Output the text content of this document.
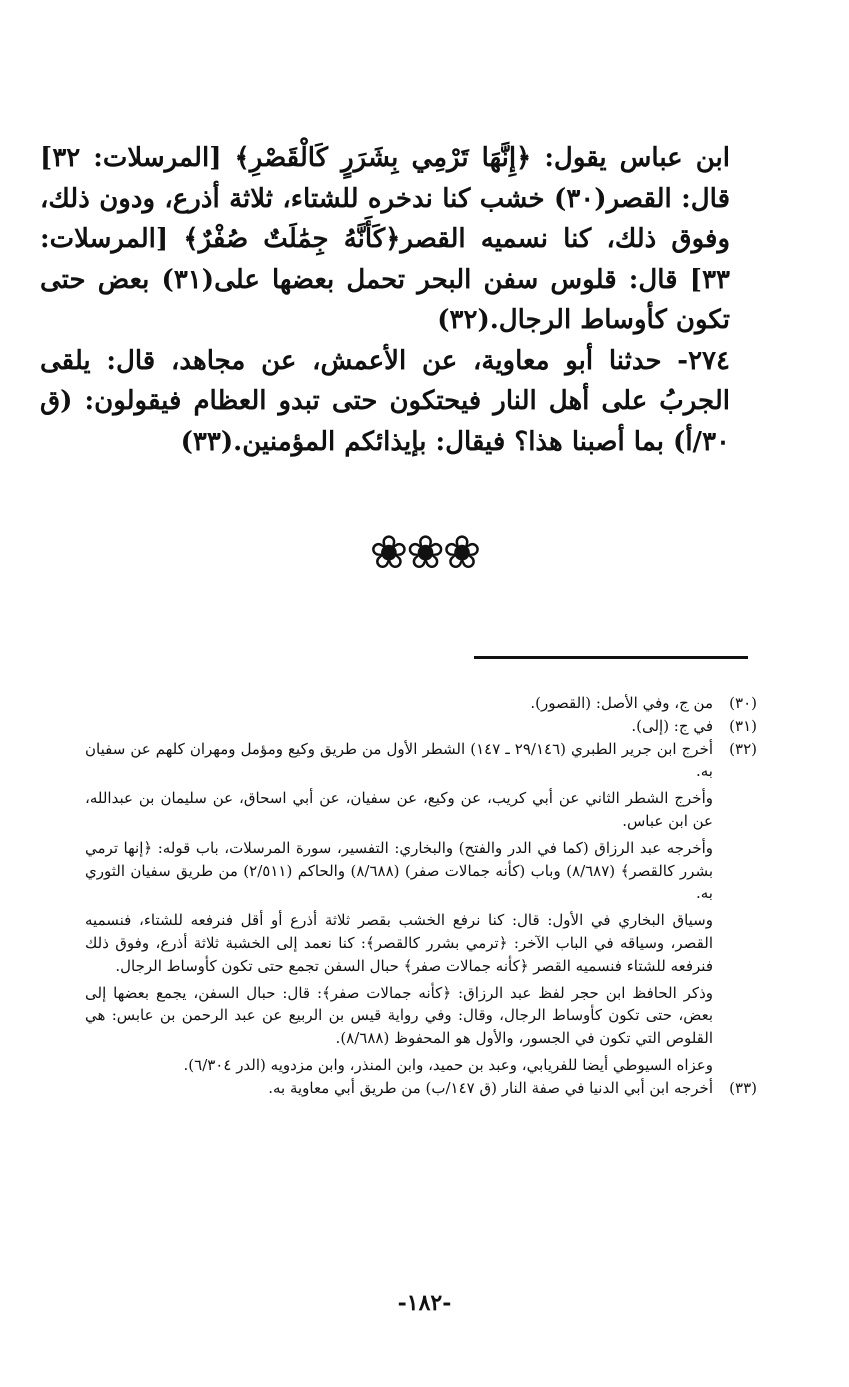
ابن عباس يقول: ﴿إِنَّهَا تَرْمِي بِشَرَرٍ كَالْقَصْرِ﴾ [المرسلات: ٣٢] قال: القصر(٣٠) خشب كنا ندخره للشتاء، ثلاثة أذرع، ودون ذلك، وفوق ذلك، كنا نسميه القصر﴿كَأَنَّهُ جِمَٰلَتٌ صُفْرٌ﴾ [المرسلات: ٣٣] قال: قلوس سفن البحر تحمل بعضها على(٣١) بعض حتى تكون كأوساط الرجال.(٣٢)

٢٧٤- حدثنا أبو معاوية، عن الأعمش، عن مجاهد، قال: يلقى الجربُ على أهل النار فيحتكون حتى تبدو العظام فيقولون: (ق ٣٠/أ) بما أصبنا هذا؟ فيقال: بإيذائكم المؤمنين.(٣٣)

❀❀❀
(٣٠)

من ج، وفي الأصل: (القصور).

(٣١)

في ج: (إلى).

(٣٢)

أخرج ابن جرير الطبري (٢٩/١٤٦ ـ ١٤٧) الشطر الأول من طريق وكيع ومؤمل ومهران كلهم عن سفيان به.

وأخرج الشطر الثاني عن أبي كريب، عن وكيع، عن سفيان، عن أبي اسحاق، عن سليمان بن عبدالله، عن ابن عباس.

وأخرجه عبد الرزاق (كما في الدر والفتح) والبخاري: التفسير، سورة المرسلات، باب قوله: ﴿إنها ترمي بشرر كالقصر﴾ (٨/٦٨٧) وباب (كأنه جمالات صفر) (٨/٦٨٨) والحاكم (٢/٥١١) من طريق سفيان الثوري به.

وسياق البخاري في الأول: قال: كنا نرفع الخشب بقصر ثلاثة أذرع أو أقل فنرفعه للشتاء، فنسميه القصر، وسياقه في الباب الآخر: ﴿ترمي بشرر كالقصر﴾: كنا نعمد إلى الخشبة ثلاثة أذرع، وفوق ذلك فنرفعه للشتاء فنسميه القصر ﴿كأنه جمالات صفر﴾ حبال السفن تجمع حتى تكون كأوساط الرجال.

وذكر الحافظ ابن حجر لفظ عبد الرزاق: ﴿كأنه جمالات صفر﴾: قال: حبال السفن، يجمع بعضها إلى بعض، حتى تكون كأوساط الرجال، وقال: وفي رواية قيس بن الربيع عن عبد الرحمن بن عابس: هي القلوص التي تكون في الجسور، والأول هو المحفوظ (٨/٦٨٨).

وعزاه السيوطي أيضا للفريابي، وعبد بن حميد، وابن المنذر، وابن مزدويه (الدر ٦/٣٠٤).

(٣٣)

أخرجه ابن أبي الدنيا في صفة النار (ق ١٤٧/ب) من طريق أبي معاوية به.

-١٨٢-
